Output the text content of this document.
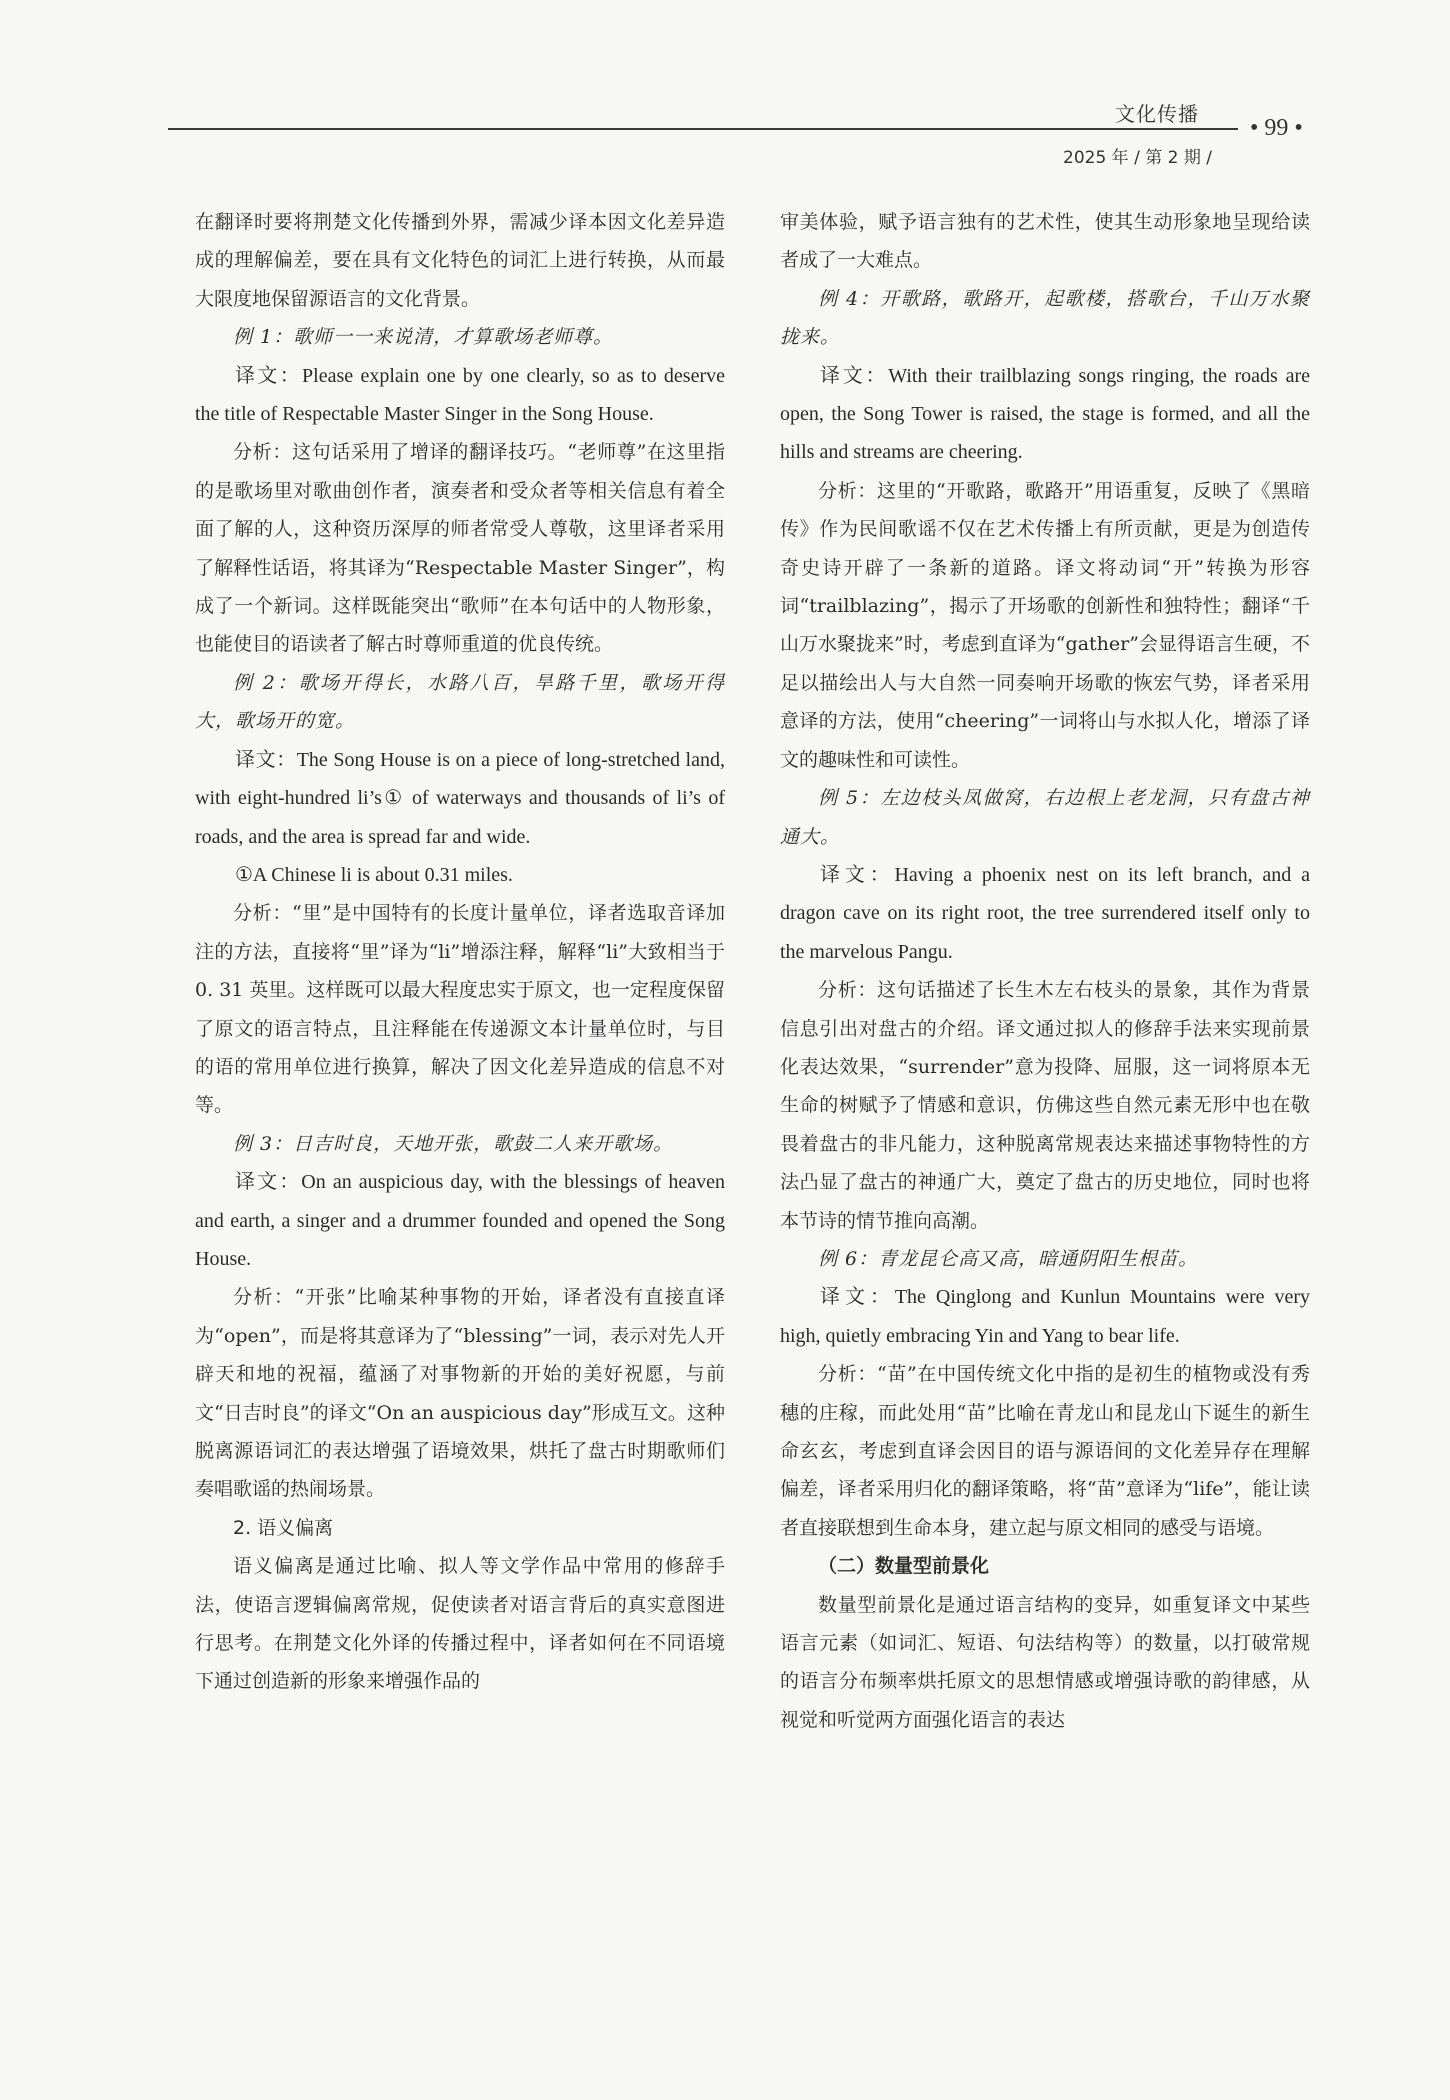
文化传播
• 99 •
2025 年 / 第 2 期 /

在翻译时要将荆楚文化传播到外界，需减少译本因文化差异造成的理解偏差，要在具有文化特色的词汇上进行转换，从而最大限度地保留源语言的文化背景。

例 1：歌师一一来说清，才算歌场老师尊。

译文：Please explain one by one clearly, so as to deserve the title of Respectable Master Singer in the Song House.

分析：这句话采用了增译的翻译技巧。“老师尊”在这里指的是歌场里对歌曲创作者，演奏者和受众者等相关信息有着全面了解的人，这种资历深厚的师者常受人尊敬，这里译者采用了解释性话语，将其译为“Respectable Master Singer”，构成了一个新词。这样既能突出“歌师”在本句话中的人物形象，也能使目的语读者了解古时尊师重道的优良传统。

例 2：歌场开得长，水路八百，旱路千里，歌场开得大，歌场开的宽。

译文：The Song House is on a piece of long-stretched land, with eight-hundred li’s① of waterways and thousands of li’s of roads, and the area is spread far and wide.

①A Chinese li is about 0.31 miles.

分析：“里”是中国特有的长度计量单位，译者选取音译加注的方法，直接将“里”译为“li”增添注释，解释“li”大致相当于 0. 31 英里。这样既可以最大程度忠实于原文，也一定程度保留了原文的语言特点，且注释能在传递源文本计量单位时，与目的语的常用单位进行换算，解决了因文化差异造成的信息不对等。

例 3：日吉时良，天地开张，歌鼓二人来开歌场。

译文：On an auspicious day, with the blessings of heaven and earth, a singer and a drummer founded and opened the Song House.

分析：“开张”比喻某种事物的开始，译者没有直接直译为“open”，而是将其意译为了“blessing”一词，表示对先人开辟天和地的祝福，蕴涵了对事物新的开始的美好祝愿，与前文“日吉时良”的译文“On an auspicious day”形成互文。这种脱离源语词汇的表达增强了语境效果，烘托了盘古时期歌师们奏唱歌谣的热闹场景。

2. 语义偏离

语义偏离是通过比喻、拟人等文学作品中常用的修辞手法，使语言逻辑偏离常规，促使读者对语言背后的真实意图进行思考。在荆楚文化外译的传播过程中，译者如何在不同语境下通过创造新的形象来增强作品的

审美体验，赋予语言独有的艺术性，使其生动形象地呈现给读者成了一大难点。

例 4：开歌路，歌路开，起歌楼，搭歌台，千山万水聚拢来。

译文：With their trailblazing songs ringing, the roads are open, the Song Tower is raised, the stage is formed, and all the hills and streams are cheering.

分析：这里的“开歌路，歌路开”用语重复，反映了《黑暗传》作为民间歌谣不仅在艺术传播上有所贡献，更是为创造传奇史诗开辟了一条新的道路。译文将动词“开”转换为形容词“trailblazing”，揭示了开场歌的创新性和独特性；翻译“千山万水聚拢来”时，考虑到直译为“gather”会显得语言生硬，不足以描绘出人与大自然一同奏响开场歌的恢宏气势，译者采用意译的方法，使用“cheering”一词将山与水拟人化，增添了译文的趣味性和可读性。

例 5：左边枝头凤做窝，右边根上老龙洞，只有盘古神通大。

译文：Having a phoenix nest on its left branch, and a dragon cave on its right root, the tree surrendered itself only to the marvelous Pangu.

分析：这句话描述了长生木左右枝头的景象，其作为背景信息引出对盘古的介绍。译文通过拟人的修辞手法来实现前景化表达效果，“surrender”意为投降、屈服，这一词将原本无生命的树赋予了情感和意识，仿佛这些自然元素无形中也在敬畏着盘古的非凡能力，这种脱离常规表达来描述事物特性的方法凸显了盘古的神通广大，奠定了盘古的历史地位，同时也将本节诗的情节推向高潮。

例 6：青龙昆仑高又高，暗通阴阳生根苗。

译文：The Qinglong and Kunlun Mountains were very high, quietly embracing Yin and Yang to bear life.

分析：“苗”在中国传统文化中指的是初生的植物或没有秀穗的庄稼，而此处用“苗”比喻在青龙山和昆龙山下诞生的新生命玄玄，考虑到直译会因目的语与源语间的文化差异存在理解偏差，译者采用归化的翻译策略，将“苗”意译为“life”，能让读者直接联想到生命本身，建立起与原文相同的感受与语境。

（二）数量型前景化

数量型前景化是通过语言结构的变异，如重复译文中某些语言元素（如词汇、短语、句法结构等）的数量，以打破常规的语言分布频率烘托原文的思想情感或增强诗歌的韵律感，从视觉和听觉两方面强化语言的表达
